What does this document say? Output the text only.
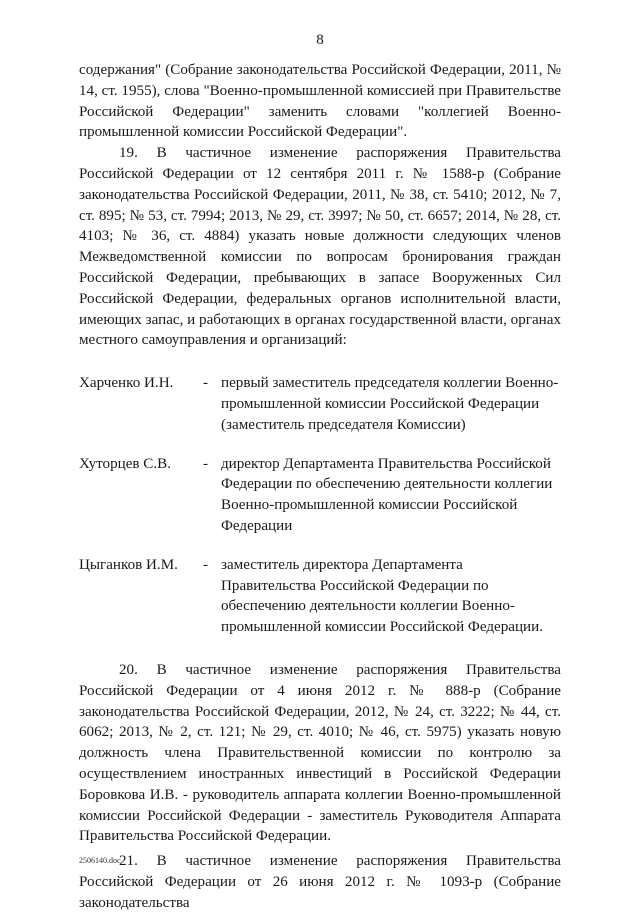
8

содержания" (Собрание законодательства Российской Федерации, 2011, № 14, ст. 1955), слова "Военно-промышленной комиссией при Правительстве Российской Федерации" заменить словами "коллегией Военно-промышленной комиссии Российской Федерации".

19. В частичное изменение распоряжения Правительства Российской Федерации от 12 сентября 2011 г. № 1588-р (Собрание законодательства Российской Федерации, 2011, № 38, ст. 5410; 2012, № 7, ст. 895; № 53, ст. 7994; 2013, № 29, ст. 3997; № 50, ст. 6657; 2014, № 28, ст. 4103; № 36, ст. 4884) указать новые должности следующих членов Межведомственной комиссии по вопросам бронирования граждан Российской Федерации, пребывающих в запасе Вооруженных Сил Российской Федерации, федеральных органов исполнительной власти, имеющих запас, и работающих в органах государственной власти, органах местного самоуправления и организаций:

Харченко И.Н.	- первый заместитель председателя коллегии Военно-промышленной комиссии Российской Федерации (заместитель председателя Комиссии)
Хуторцев С.В.	- директор Департамента Правительства Российской Федерации по обеспечению деятельности коллегии Военно-промышленной комиссии Российской Федерации
Цыганков И.М.	- заместитель директора Департамента Правительства Российской Федерации по обеспечению деятельности коллегии Военно-промышленной комиссии Российской Федерации.

20. В частичное изменение распоряжения Правительства Российской Федерации от 4 июня 2012 г. № 888-р (Собрание законодательства Российской Федерации, 2012, № 24, ст. 3222; № 44, ст. 6062; 2013, № 2, ст. 121; № 29, ст. 4010; № 46, ст. 5975) указать новую должность члена Правительственной комиссии по контролю за осуществлением иностранных инвестиций в Российской Федерации Боровкова И.В. - руководитель аппарата коллегии Военно-промышленной комиссии Российской Федерации - заместитель Руководителя Аппарата Правительства Российской Федерации.

21. В частичное изменение распоряжения Правительства Российской Федерации от 26 июня 2012 г. № 1093-р (Собрание законодательства

2506140.doc
